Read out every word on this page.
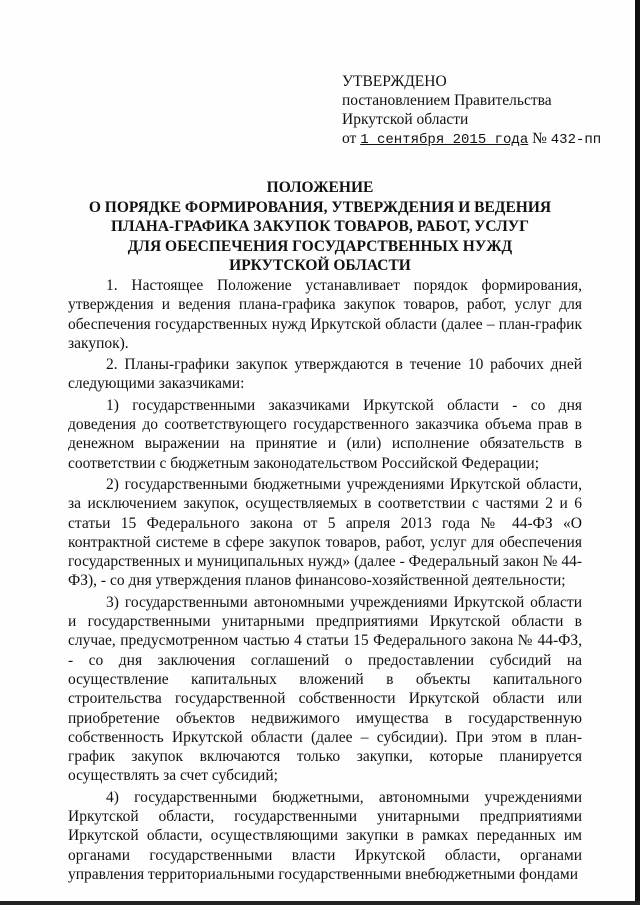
УТВЕРЖДЕНО
постановлением Правительства
Иркутской области
от 1 сентября 2015 года № 432-пп
ПОЛОЖЕНИЕ
О ПОРЯДКЕ ФОРМИРОВАНИЯ, УТВЕРЖДЕНИЯ И ВЕДЕНИЯ
ПЛАНА-ГРАФИКА ЗАКУПОК ТОВАРОВ, РАБОТ, УСЛУГ
ДЛЯ ОБЕСПЕЧЕНИЯ ГОСУДАРСТВЕННЫХ НУЖД
ИРКУТСКОЙ ОБЛАСТИ

1. Настоящее Положение устанавливает порядок формирования, утверждения и ведения плана-графика закупок товаров, работ, услуг для обеспечения государственных нужд Иркутской области (далее – план-график закупок).

2. Планы-графики закупок утверждаются в течение 10 рабочих дней следующими заказчиками:

1) государственными заказчиками Иркутской области - со дня доведения до соответствующего государственного заказчика объема прав в денежном выражении на принятие и (или) исполнение обязательств в соответствии с бюджетным законодательством Российской Федерации;

2) государственными бюджетными учреждениями Иркутской области, за исключением закупок, осуществляемых в соответствии с частями 2 и 6 статьи 15 Федерального закона от 5 апреля 2013 года № 44-ФЗ «О контрактной системе в сфере закупок товаров, работ, услуг для обеспечения государственных и муниципальных нужд» (далее - Федеральный закон № 44-ФЗ), - со дня утверждения планов финансово-хозяйственной деятельности;

3) государственными автономными учреждениями Иркутской области и государственными унитарными предприятиями Иркутской области в случае, предусмотренном частью 4 статьи 15 Федерального закона № 44-ФЗ, - со дня заключения соглашений о предоставлении субсидий на осуществление капитальных вложений в объекты капитального строительства государственной собственности Иркутской области или приобретение объектов недвижимого имущества в государственную собственность Иркутской области (далее – субсидии). При этом в план-график закупок включаются только закупки, которые планируется осуществлять за счет субсидий;

4) государственными бюджетными, автономными учреждениями Иркутской области, государственными унитарными предприятиями Иркутской области, осуществляющими закупки в рамках переданных им органами государственными власти Иркутской области, органами управления территориальными государственными внебюджетными фондами
